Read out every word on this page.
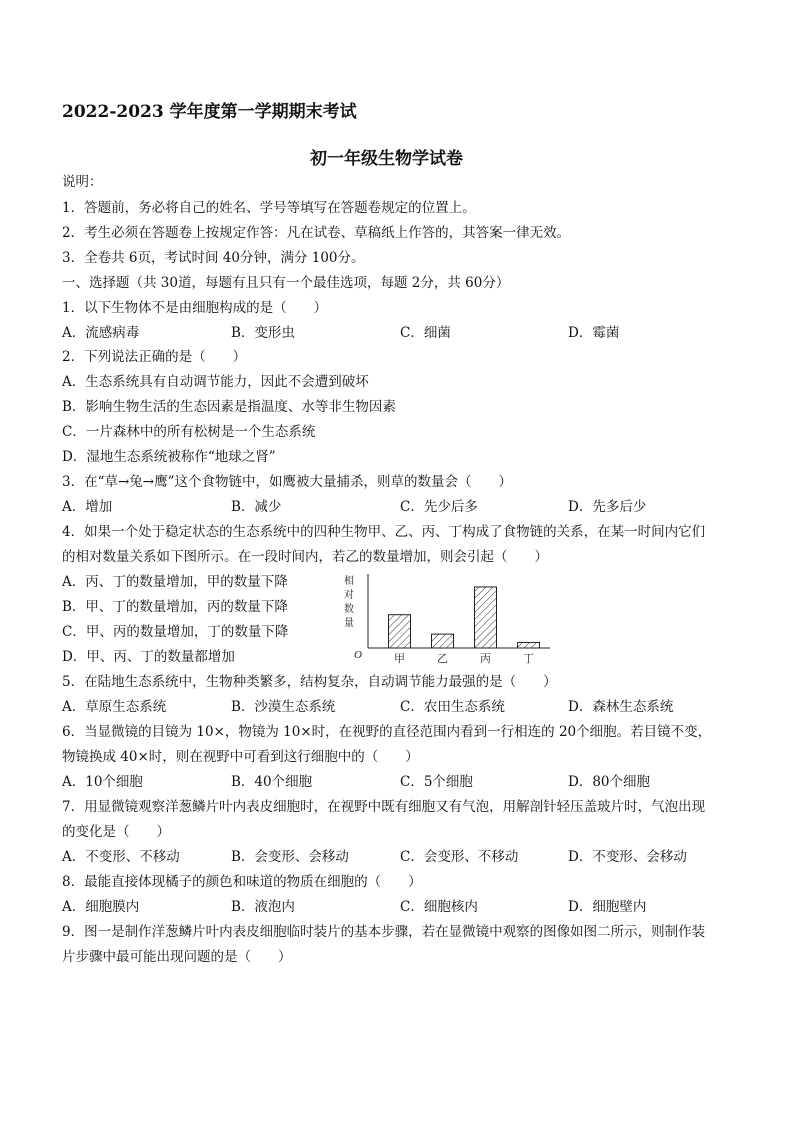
2022-2023 学年度第一学期期末考试
初一年级生物学试卷
说明：
1．答题前，务必将自己的姓名、学号等填写在答题卷规定的位置上。
2．考生必须在答题卷上按规定作答：凡在试卷、草稿纸上作答的，其答案一律无效。
3．全卷共 6页，考试时间 40分钟，满分 100分。
一、选择题（共 30道，每题有且只有一个最佳选项，每题 2分，共 60分）
1．以下生物体不是由细胞构成的是（　　）
A．流感病毒	B．变形虫	C．细菌	D．霉菌
2．下列说法正确的是（　　）
A．生态系统具有自动调节能力，因此不会遭到破坏
B．影响生物生活的生态因素是指温度、水等非生物因素
C．一片森林中的所有松树是一个生态系统
D．湿地生态系统被称作“地球之肾”
3．在“草→兔→鹰”这个食物链中，如鹰被大量捕杀，则草的数量会（　　）
A．增加	B．减少	C．先少后多	D．先多后少
4．如果一个处于稳定状态的生态系统中的四种生物甲、乙、丙、丁构成了食物链的关系，在某一时间内它们
的相对数量关系如下图所示。在一段时间内，若乙的数量增加，则会引起（　　）
A．丙、丁的数量增加，甲的数量下降
B．甲、丁的数量增加，丙的数量下降
C．甲、丙的数量增加，丁的数量下降
D．甲、丙、丁的数量都增加
相
对
数
量
甲	乙	丙	丁
O
5．在陆地生态系统中，生物种类繁多，结构复杂，自动调节能力最强的是（　　）
A．草原生态系统	B．沙漠生态系统	C．农田生态系统	D．森林生态系统
6．当显微镜的目镜为 10×，物镜为 10×时，在视野的直径范围内看到一行相连的 20个细胞。若目镜不变，
物镜换成 40×时，则在视野中可看到这行细胞中的（　　）
A．10个细胞	B．40个细胞	C．5个细胞	D．80个细胞
7．用显微镜观察洋葱鳞片叶内表皮细胞时，在视野中既有细胞又有气泡，用解剖针轻压盖玻片时，气泡出现
的变化是（　　）
A．不变形、不移动	B．会变形、会移动	C．会变形、不移动	D．不变形、会移动
8．最能直接体现橘子的颜色和味道的物质在细胞的（　　）
A．细胞膜内	B．液泡内	C．细胞核内	D．细胞壁内
9．图一是制作洋葱鳞片叶内表皮细胞临时装片的基本步骤，若在显微镜中观察的图像如图二所示，则制作装
片步骤中最可能出现问题的是（　　）
